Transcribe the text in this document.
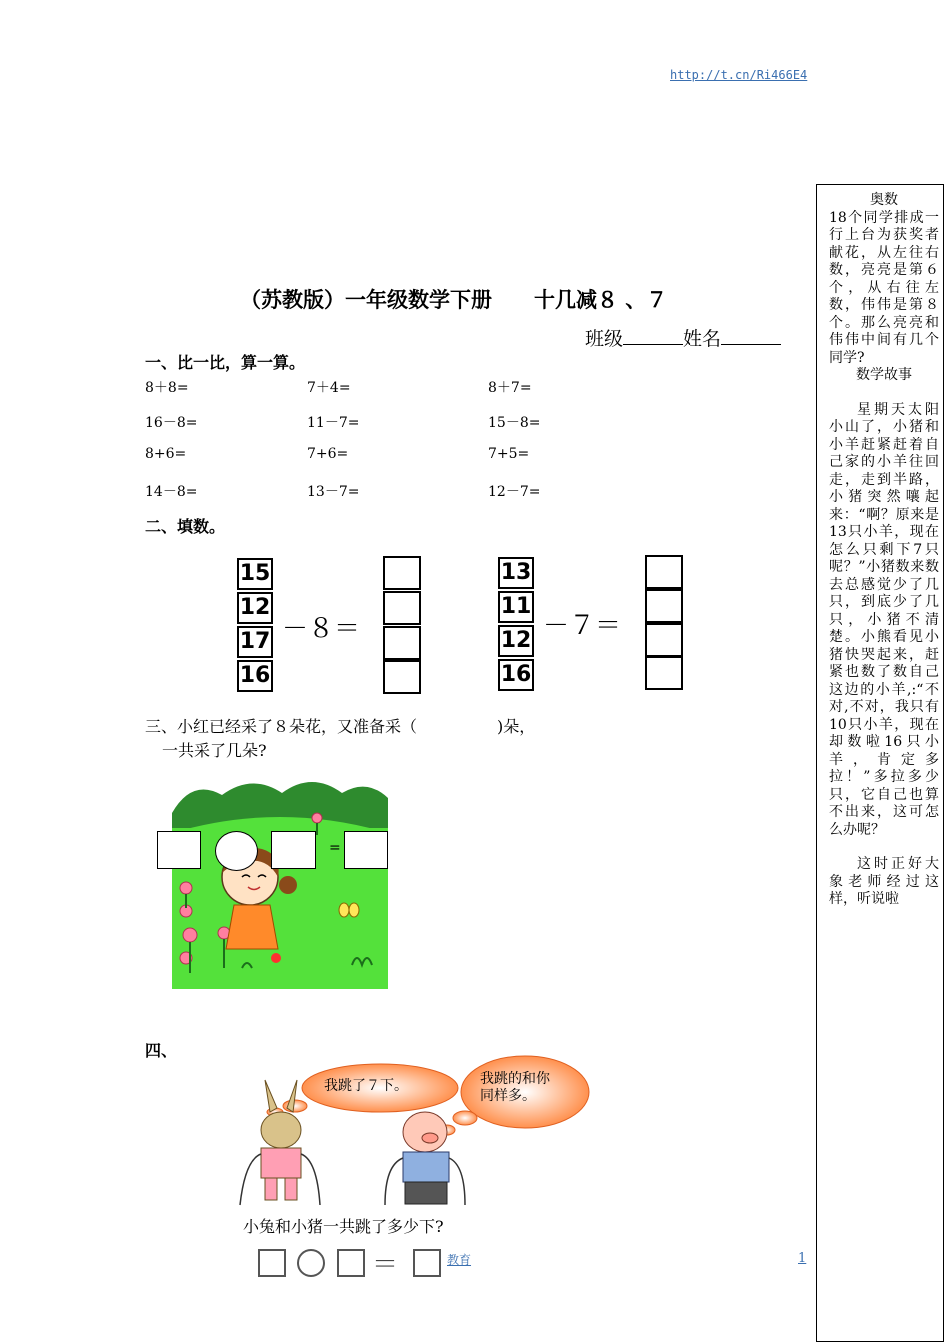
http://t.cn/Ri466E4
（苏教版）一年级数学下册　　十几减８ 、７
班级	姓名
一、比一比，算一算。
8＋8=	7＋4=	8＋7=
16－8=	11－7=	15－8=
8+6=	7+6=	7+5=
14－8=	13－7=	12－7=
二、填数。
15
12
17
16
－８＝
13
11
12
16
－７＝
三、小红已经采了８朵花，又准备采（	)朵，
一共采了几朵?
=
四、
我跳了７下。	我跳的和你
同样多。
小兔和小猪一共跳了多少下?
＝	教育	1
奥数
18个同学排成一行上台为获奖者献花，从左往右数，亮亮是第６个，从右往左数，伟伟是第８个。那么亮亮和伟伟中间有几个同学?
数学故事
星期天太阳小山了，小猪和小羊赶紧赶着自己家的小羊往回走，走到半路，小猪突然嚷起来：“啊？原来是13只小羊，现在怎么只剩下7只呢？”小猪数来数去总感觉少了几只，到底少了几只，小猪不清楚。小熊看见小猪快哭起来，赶紧也数了数自己这边的小羊,:“不对,不对，我只有10只小羊，现在却数啦16只小羊，肯定多拉！”多拉多少只，它自己也算不出来，这可怎么办呢？
这时正好大象老师经过这样，听说啦
